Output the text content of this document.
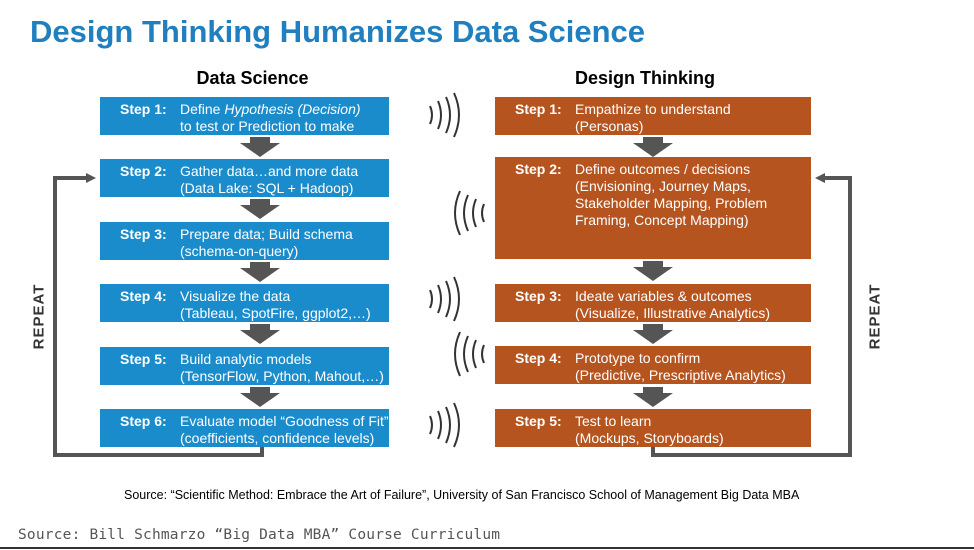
Design Thinking Humanizes Data Science
Data Science	Design Thinking
Step 1: Define Hypothesis (Decision)
to test or Prediction to make
Step 2: Gather data…and more data
(Data Lake: SQL + Hadoop)
Step 3: Prepare data; Build schema
(schema-on-query)
Step 4: Visualize the data
(Tableau, SpotFire, ggplot2,…)
Step 5: Build analytic models
(TensorFlow, Python, Mahout,…)
Step 6: Evaluate model “Goodness of Fit”
(coefficients, confidence levels)
Step 1: Empathize to understand
(Personas)
Step 2: Define outcomes / decisions
(Envisioning, Journey Maps,
Stakeholder Mapping, Problem
Framing, Concept Mapping)
Step 3: Ideate variables & outcomes
(Visualize, Illustrative Analytics)
Step 4: Prototype to confirm
(Predictive, Prescriptive Analytics)
Step 5: Test to learn
(Mockups, Storyboards)
REPEAT	REPEAT
Source: “Scientific Method: Embrace the Art of Failure”, University of San Francisco School of Management Big Data MBA
Source: Bill Schmarzo “Big Data MBA” Course Curriculum
